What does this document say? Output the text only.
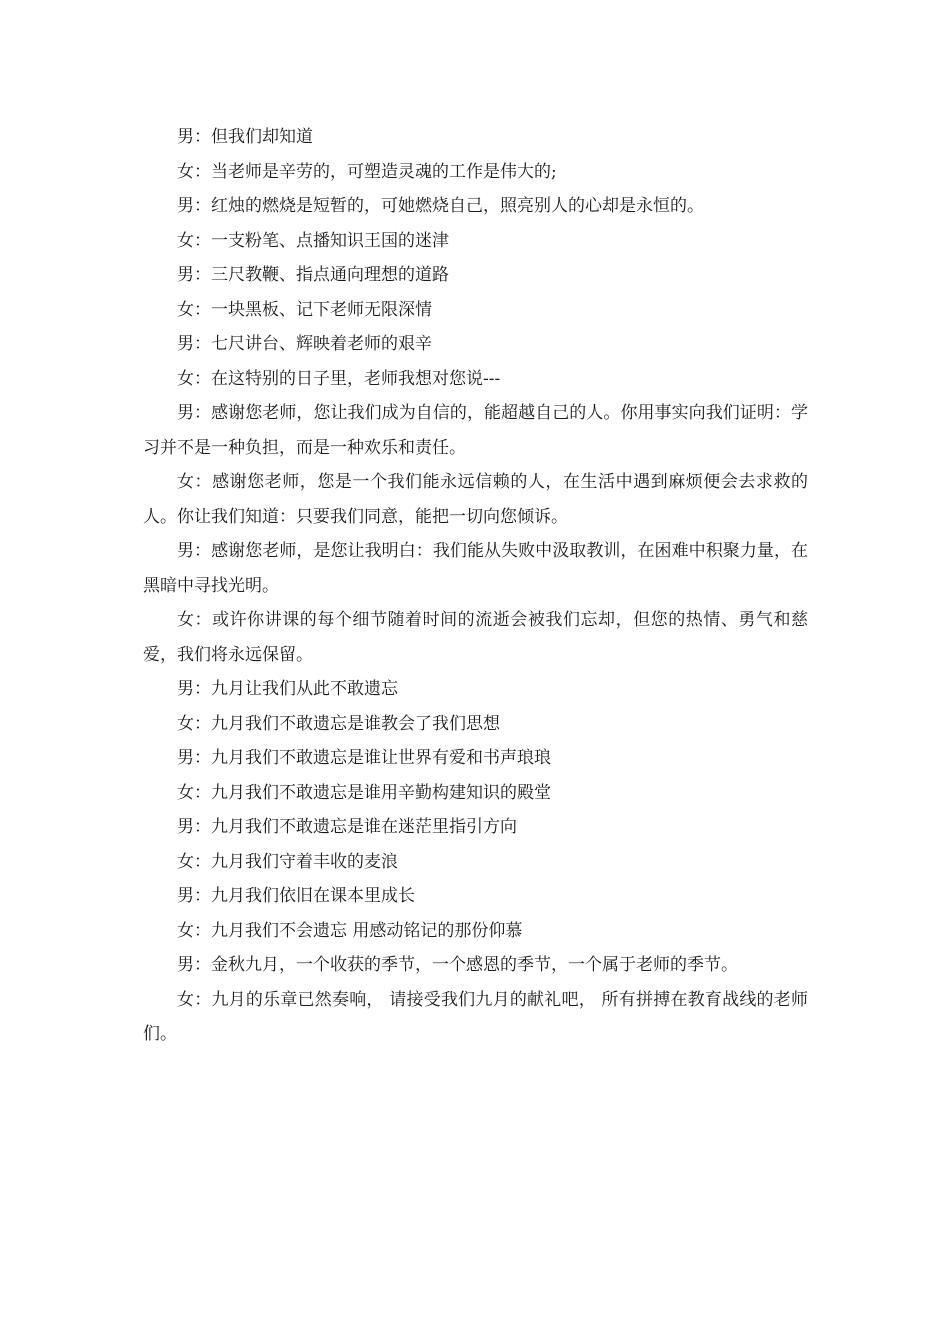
男：但我们却知道

女：当老师是辛劳的，可塑造灵魂的工作是伟大的;

男：红烛的燃烧是短暂的，可她燃烧自己，照亮别人的心却是永恒的。

女：一支粉笔、点播知识王国的迷津

男：三尺教鞭、指点通向理想的道路

女：一块黑板、记下老师无限深情

男：七尺讲台、辉映着老师的艰辛

女：在这特别的日子里，老师我想对您说---

男：感谢您老师，您让我们成为自信的，能超越自己的人。你用事实向我们证明：学习并不是一种负担，而是一种欢乐和责任。

女：感谢您老师，您是一个我们能永远信赖的人，在生活中遇到麻烦便会去求救的人。你让我们知道：只要我们同意，能把一切向您倾诉。

男：感谢您老师，是您让我明白：我们能从失败中汲取教训，在困难中积聚力量，在黑暗中寻找光明。

女：或许你讲课的每个细节随着时间的流逝会被我们忘却，但您的热情、勇气和慈爱，我们将永远保留。

男：九月让我们从此不敢遗忘

女：九月我们不敢遗忘是谁教会了我们思想

男：九月我们不敢遗忘是谁让世界有爱和书声琅琅

女：九月我们不敢遗忘是谁用辛勤构建知识的殿堂

男：九月我们不敢遗忘是谁在迷茫里指引方向

女：九月我们守着丰收的麦浪

男：九月我们依旧在课本里成长

女：九月我们不会遗忘 用感动铭记的那份仰慕

男：金秋九月，一个收获的季节，一个感恩的季节，一个属于老师的季节。

女：九月的乐章已然奏响， 请接受我们九月的献礼吧， 所有拼搏在教育战线的老师们。
